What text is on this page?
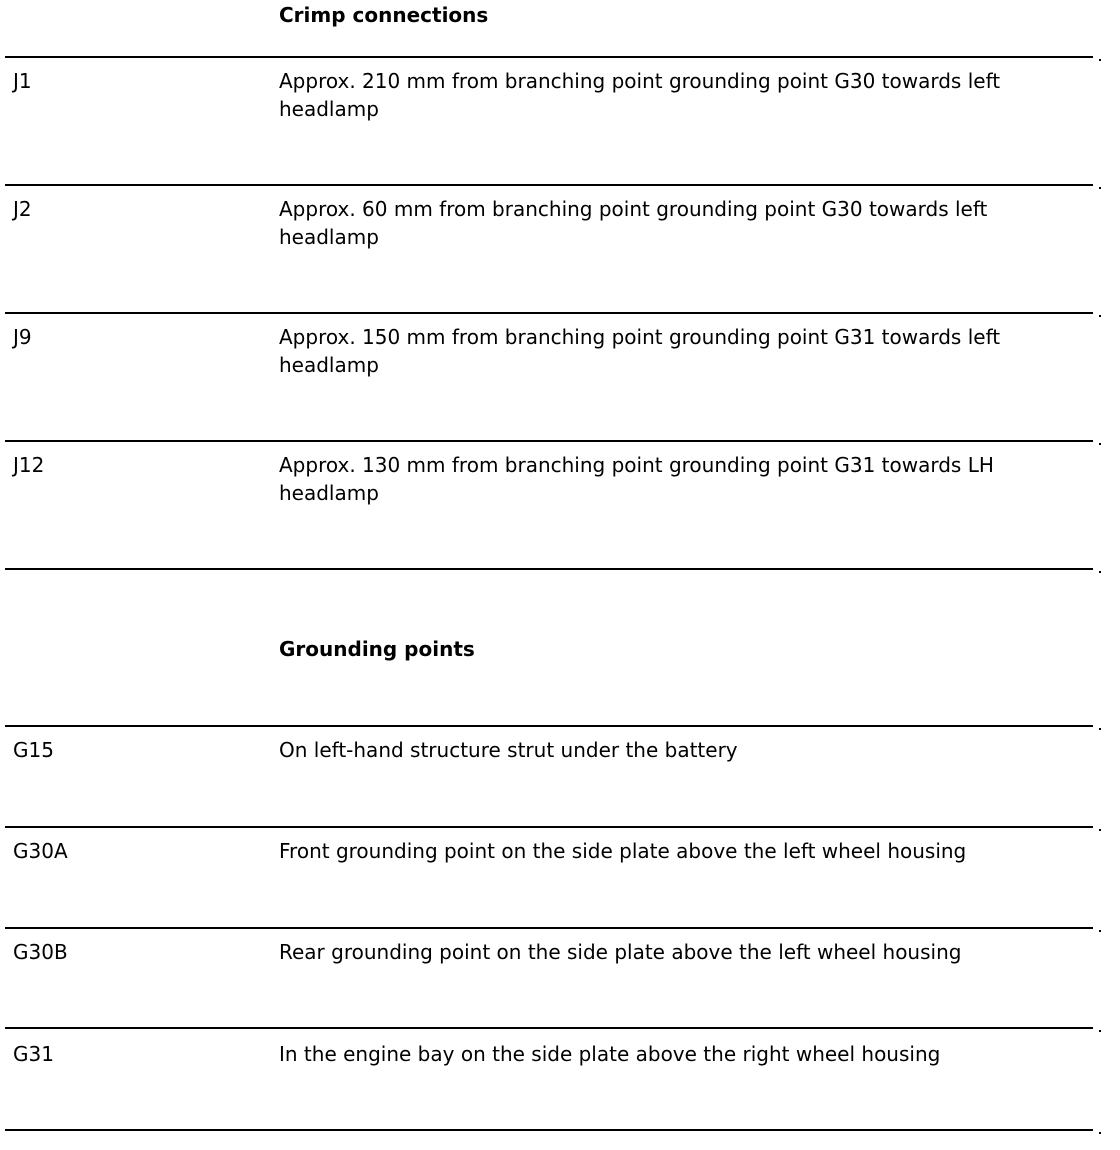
Crimp connections
J1	Approx. 210 mm from branching point grounding point G30 towards left headlamp
J2	Approx. 60 mm from branching point grounding point G30 towards left headlamp
J9	Approx. 150 mm from branching point grounding point G31 towards left headlamp
J12	Approx. 130 mm from branching point grounding point G31 towards LH headlamp
Grounding points
G15	On left-hand structure strut under the battery
G30A	Front grounding point on the side plate above the left wheel housing
G30B	Rear grounding point on the side plate above the left wheel housing
G31	In the engine bay on the side plate above the right wheel housing
